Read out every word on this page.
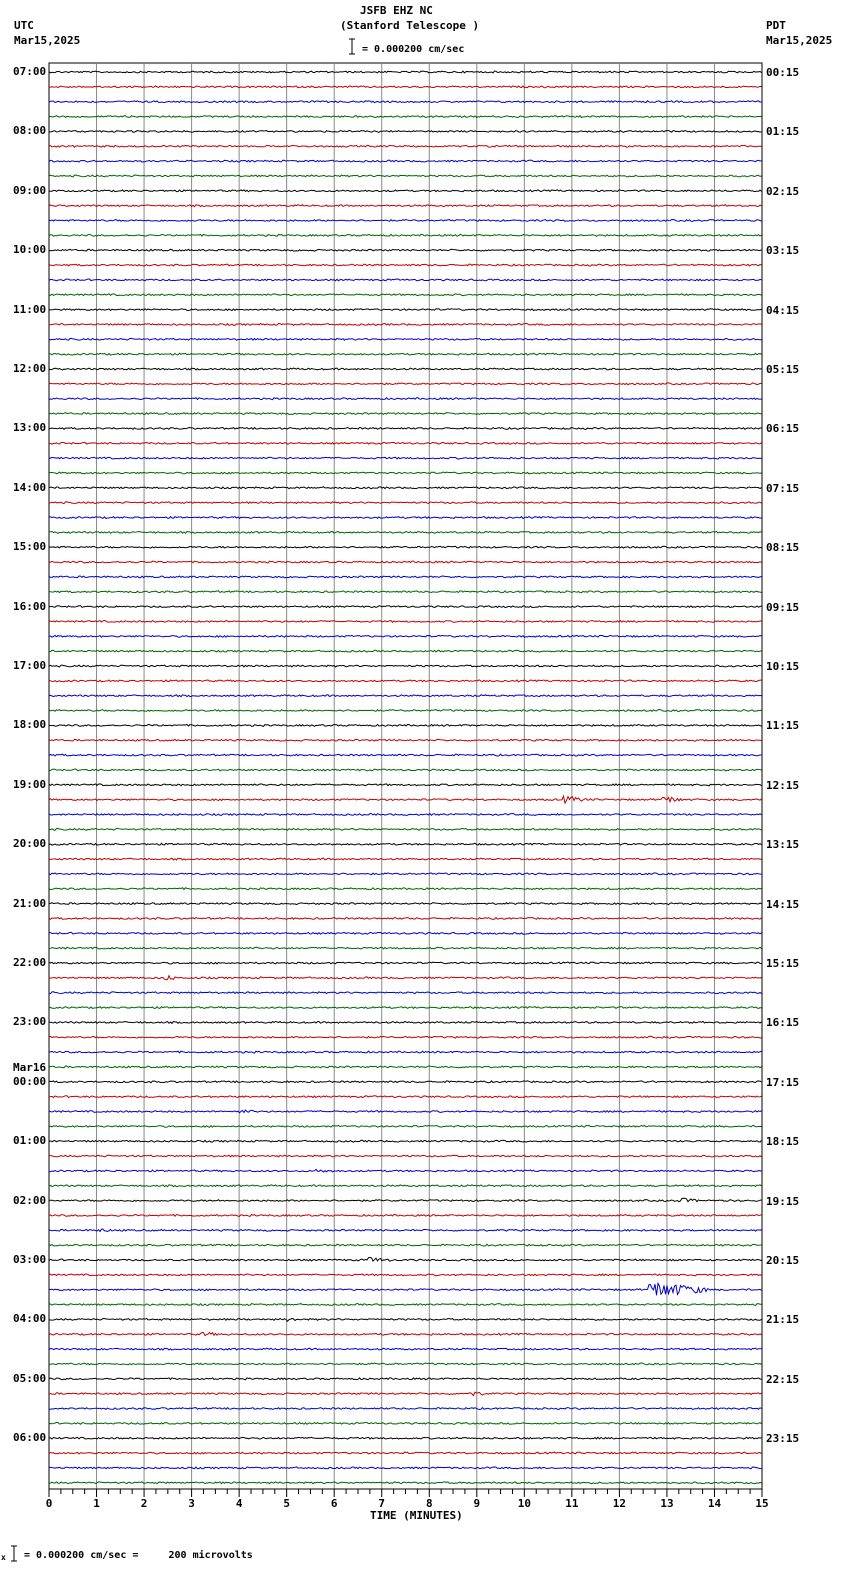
JSFB EHZ NC
(Stanford Telescope )
= 0.000200 cm/sec
UTC
Mar15,2025
PDT
Mar15,2025
07:00
08:00
09:00
10:00
11:00
12:00
13:00
14:00
15:00
16:00
17:00
18:00
19:00
20:00
21:00
22:00
23:00
00:00
Mar16
01:00
02:00
03:00
04:00
05:00
06:00
00:15
01:15
02:15
03:15
04:15
05:15
06:15
07:15
08:15
09:15
10:15
11:15
12:15
13:15
14:15
15:15
16:15
17:15
18:15
19:15
20:15
21:15
22:15
23:15
0	1	2	3	4	5	6	7	8	9	10	11	12	13	14	15
TIME (MINUTES)
x = 0.000200 cm/sec =     200 microvolts
